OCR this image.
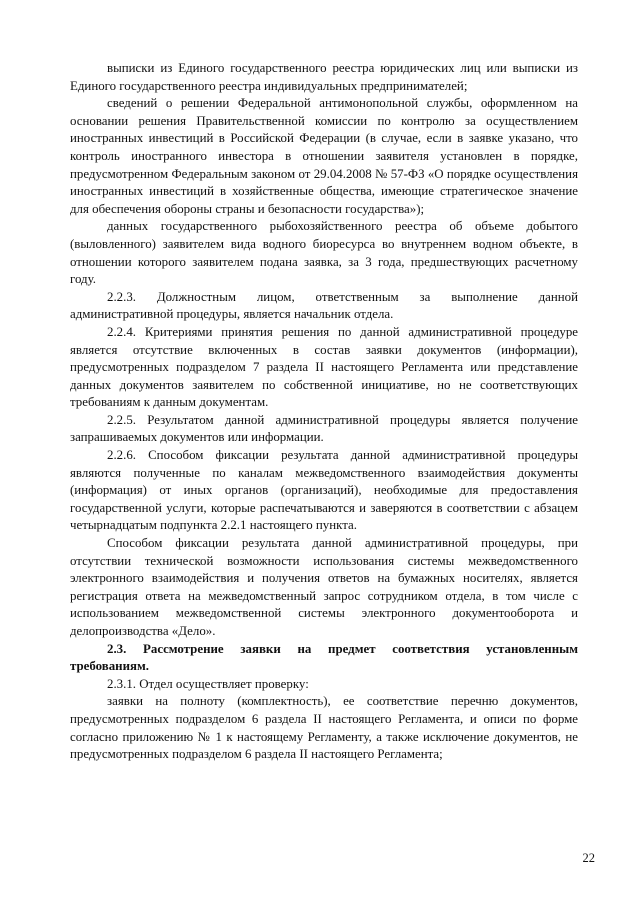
выписки из Единого государственного реестра юридических лиц или выписки из Единого государственного реестра индивидуальных предпринимателей;

сведений о решении Федеральной антимонопольной службы, оформленном на основании решения Правительственной комиссии по контролю за осуществлением иностранных инвестиций в Российской Федерации (в случае, если в заявке указано, что контроль иностранного инвестора в отношении заявителя установлен в порядке, предусмотренном Федеральным законом от 29.04.2008 № 57-ФЗ «О порядке осуществления иностранных инвестиций в хозяйственные общества, имеющие стратегическое значение для обеспечения обороны страны и безопасности государства»);

данных государственного рыбохозяйственного реестра об объеме добытого (выловленного) заявителем вида водного биоресурса во внутреннем водном объекте, в отношении которого заявителем подана заявка, за 3 года, предшествующих расчетному году.

2.2.3. Должностным лицом, ответственным за выполнение данной административной процедуры, является начальник отдела.

2.2.4. Критериями принятия решения по данной административной процедуре является отсутствие включенных в состав заявки документов (информации), предусмотренных подразделом 7 раздела II настоящего Регламента или представление данных документов заявителем по собственной инициативе, но не соответствующих требованиям к данным документам.

2.2.5. Результатом данной административной процедуры является получение запрашиваемых документов или информации.

2.2.6. Способом фиксации результата данной административной процедуры являются полученные по каналам межведомственного взаимодействия документы (информация) от иных органов (организаций), необходимые для предоставления государственной услуги, которые распечатываются и заверяются в соответствии с абзацем четырнадцатым подпункта 2.2.1 настоящего пункта.

Способом фиксации результата данной административной процедуры, при отсутствии технической возможности использования системы межведомственного электронного взаимодействия и получения ответов на бумажных носителях, является регистрация ответа на межведомственный запрос сотрудником отдела, в том числе с использованием межведомственной системы электронного документооборота и делопроизводства «Дело».

2.3. Рассмотрение заявки на предмет соответствия установленным требованиям.

2.3.1. Отдел осуществляет проверку:

заявки на полноту (комплектность), ее соответствие перечню документов, предусмотренных подразделом 6 раздела II настоящего Регламента, и описи по форме согласно приложению № 1 к настоящему Регламенту, а также исключение документов, не предусмотренных подразделом 6 раздела II настоящего Регламента;

22
